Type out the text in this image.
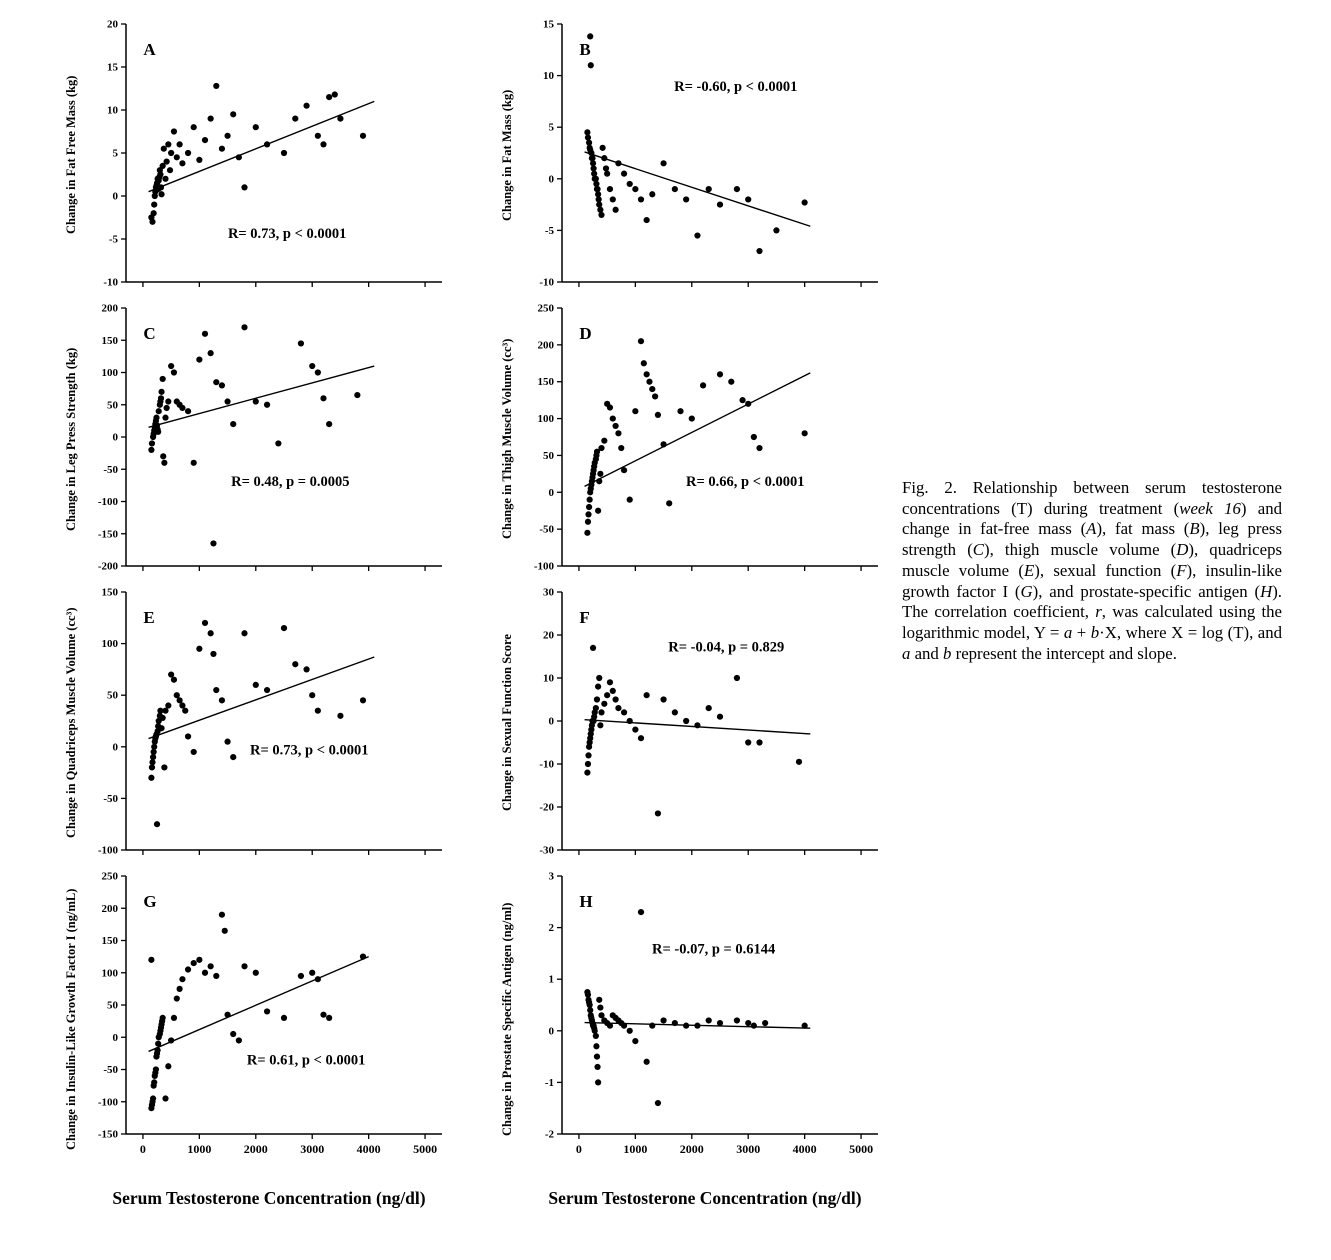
Change in Fat Free Mass (kg)
-10
-5
0
5
10
15
20
A
R= 0.73, p < 0.0001
Change in Leg Press Strength (kg)
-200
-150
-100
-50
0
50
100
150
200
C
R= 0.48, p = 0.0005
Change in Quadriceps Muscle Volume (cc³)
-100
-50
0
50
100
150
E
R= 0.73, p < 0.0001
Change in Insulin-Like Growth Factor I (ng/mL)	-150
-100
-50
0
50
100
150
200
250
0	1000	2000	3000	4000	5000
G
R= 0.61, p < 0.0001
Serum Testosterone Concentration (ng/dl)
Change in Fat Mass (kg)
-10
-5
0
5
10
15
B
R= -0.60, p < 0.0001
Change in Thigh Muscle Volume (cc³)
-100
-50
0
50
100
150
200
250
D
R= 0.66, p < 0.0001
Change in Sexual Function Score
-30
-20
-10
0
10
20
30
F
R= -0.04, p = 0.829
Change in Prostate Specific Antigen (ng/ml)	-2
-1
0
1
2
3
0	1000	2000	3000	4000	5000
H
R= -0.07, p = 0.6144
Serum Testosterone Concentration (ng/dl)
Fig. 2. Relationship between serum testosterone concentrations (T) during treatment (week 16) and change in fat-free mass (A), fat mass (B), leg press strength (C), thigh muscle volume (D), quadriceps muscle volume (E), sexual function (F), insulin-like growth factor I (G), and prostate-specific antigen (H). The correlation coefficient, r, was calculated using the logarithmic model, Y = a + b·X, where X = log (T), and a and b represent the intercept and slope.
